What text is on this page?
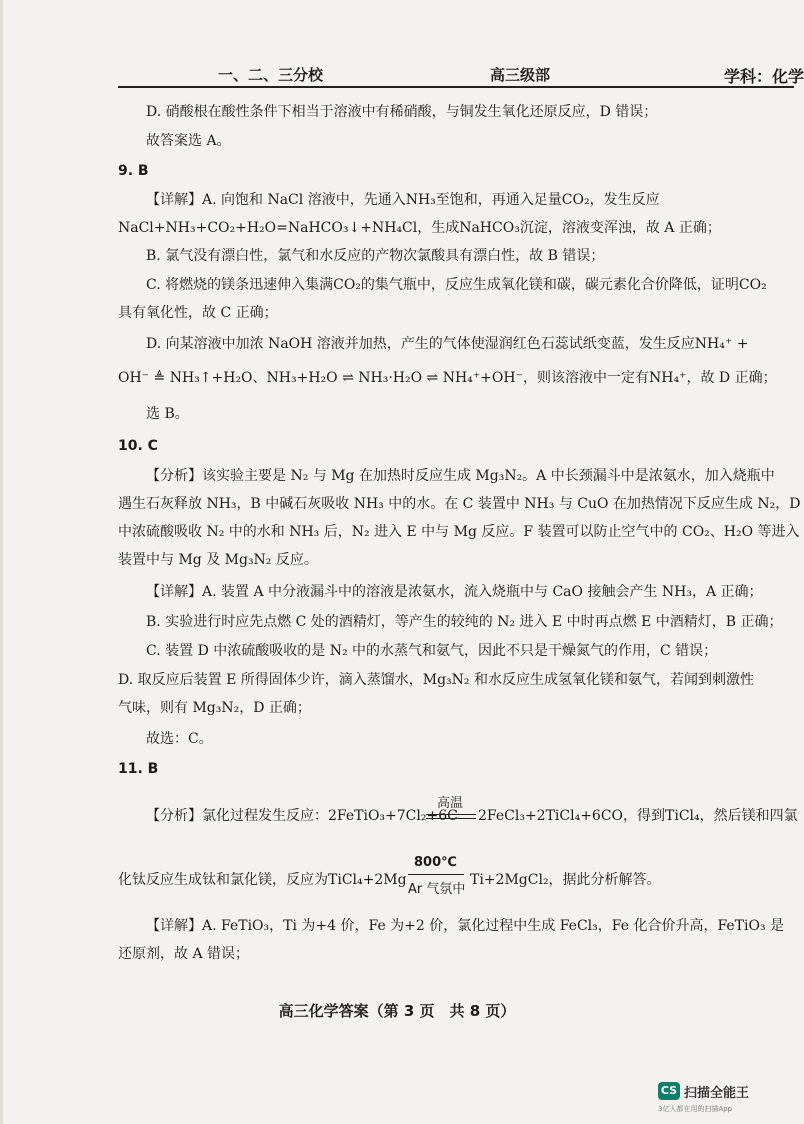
一、二、三分校	高三级部	学科：化学
D. 硝酸根在酸性条件下相当于溶液中有稀硝酸，与铜发生氧化还原反应，D 错误；
故答案选 A。
9. B
【详解】A. 向饱和 NaCl 溶液中，先通入NH₃至饱和，再通入足量CO₂，发生反应
NaCl+NH₃+CO₂+H₂O=NaHCO₃↓+NH₄Cl，生成NaHCO₃沉淀，溶液变浑浊，故 A 正确；
B. 氯气没有漂白性，氯气和水反应的产物次氯酸具有漂白性，故 B 错误；
C. 将燃烧的镁条迅速伸入集满CO₂的集气瓶中，反应生成氧化镁和碳，碳元素化合价降低，证明CO₂
具有氧化性，故 C 正确；
D. 向某溶液中加浓 NaOH 溶液并加热，产生的气体使湿润红色石蕊试纸变蓝，发生反应NH₄⁺ +
OH⁻ ≜ NH₃↑+H₂O、NH₃+H₂O ⇌ NH₃·H₂O ⇌ NH₄⁺+OH⁻，则该溶液中一定有NH₄⁺，故 D 正确；
选 B。
10. C
【分析】该实验主要是 N₂ 与 Mg 在加热时反应生成 Mg₃N₂。A 中长颈漏斗中是浓氨水，加入烧瓶中
遇生石灰释放 NH₃，B 中碱石灰吸收 NH₃ 中的水。在 C 装置中 NH₃ 与 CuO 在加热情况下反应生成 N₂，D
中浓硫酸吸收 N₂ 中的水和 NH₃ 后，N₂ 进入 E 中与 Mg 反应。F 装置可以防止空气中的 CO₂、H₂O 等进入
装置中与 Mg 及 Mg₃N₂ 反应。
【详解】A. 装置 A 中分液漏斗中的溶液是浓氨水，流入烧瓶中与 CaO 接触会产生 NH₃，A 正确；
B. 实验进行时应先点燃 C 处的酒精灯，等产生的较纯的 N₂ 进入 E 中时再点燃 E 中酒精灯，B 正确；
C. 装置 D 中浓硫酸吸收的是 N₂ 中的水蒸气和氨气，因此不只是干燥氮气的作用，C 错误；
D. 取反应后装置 E 所得固体少许，滴入蒸馏水，Mg₃N₂ 和水反应生成氢氧化镁和氨气，若闻到刺激性
气味，则有 Mg₃N₂，D 正确；
故选：C。
11. B
【分析】氯化过程发生反应：2FeTiO₃+7Cl₂+6C
高温
2FeCl₃+2TiCl₄+6CO，得到TiCl₄，然后镁和四氯
化钛反应生成钛和氯化镁，反应为TiCl₄+2Mg
800℃
Ar 气氛中
Ti+2MgCl₂，据此分析解答。
【详解】A. FeTiO₃，Ti 为+4 价，Fe 为+2 价，氯化过程中生成 FeCl₃，Fe 化合价升高，FeTiO₃ 是
还原剂，故 A 错误；
高三化学答案（第 3 页　共 8 页）
CS 扫描全能王
3亿人都在用的扫描App
